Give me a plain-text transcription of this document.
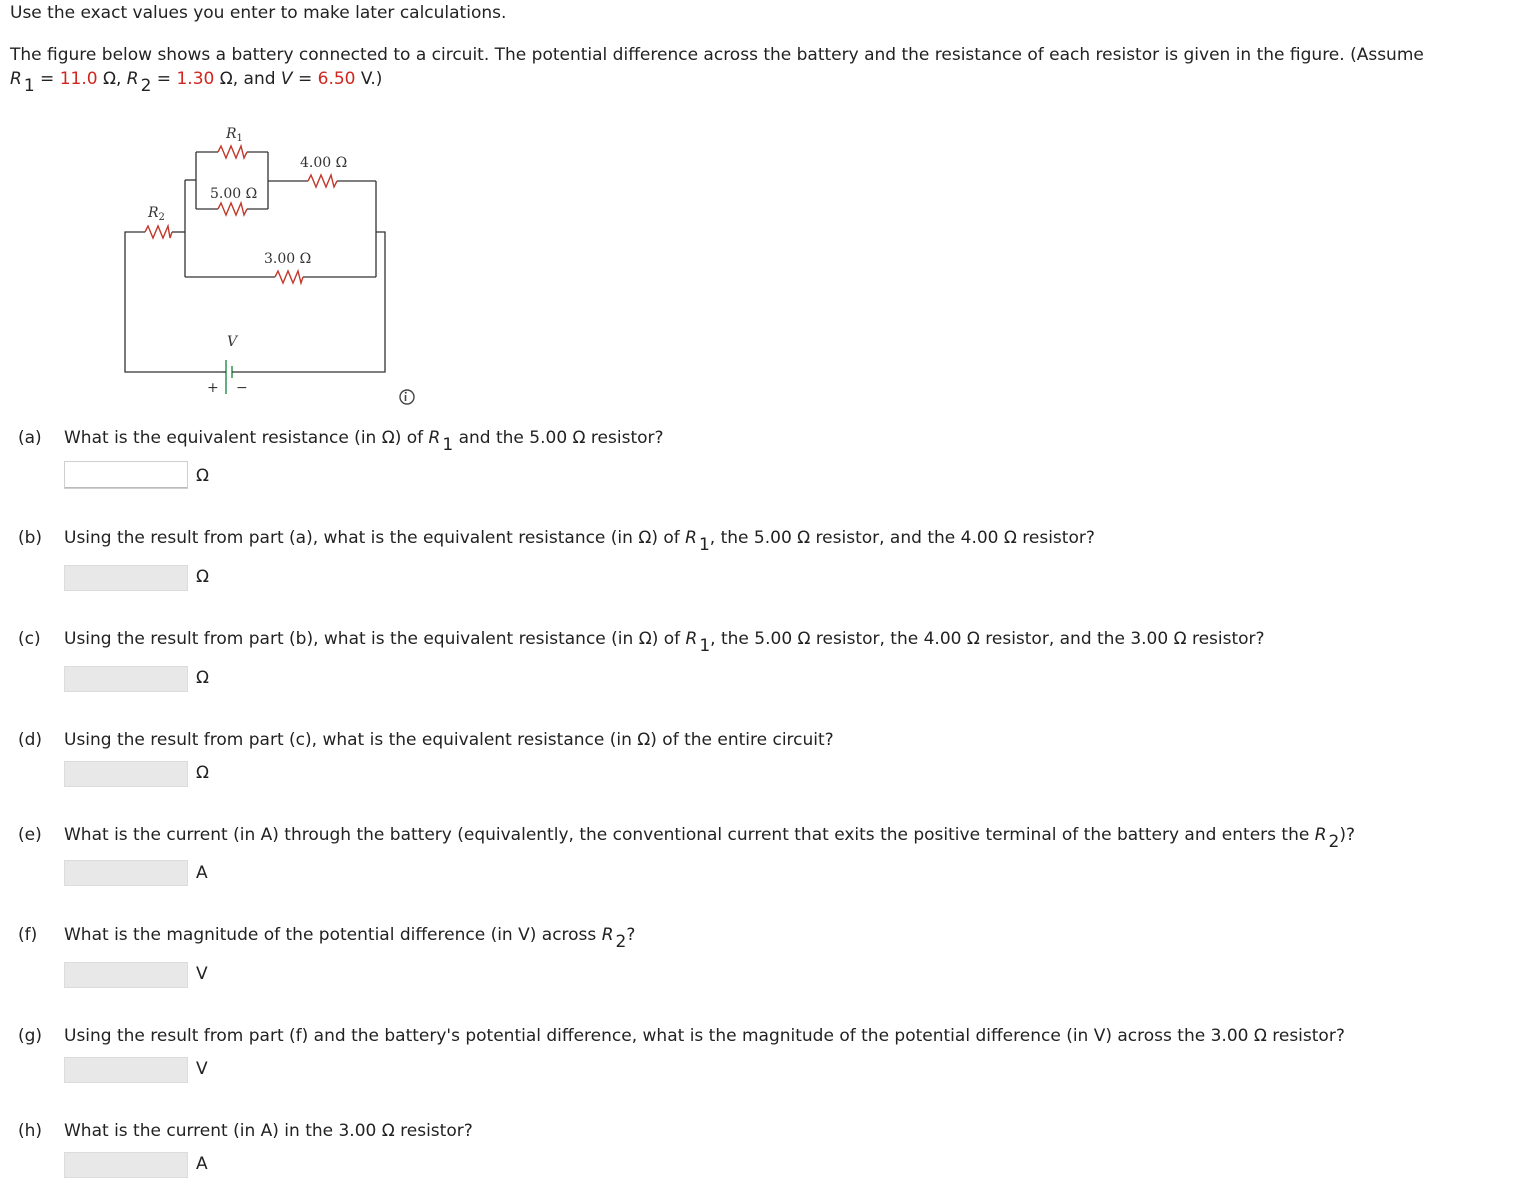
Use the exact values you enter to make later calculations.
The figure below shows a battery connected to a circuit. The potential difference across the battery and the resistance of each resistor is given in the figure. (Assume
R $_1$ = 11.0 Ω, R $_2$ = 1.30 Ω, and V = 6.50 V.)
$R_1$
5.00 Ω
4.00 Ω
$R_2$
3.00 Ω
V
+ −
(a) What is the equivalent resistance (in Ω) of R $_1$ and the 5.00 Ω resistor?
Ω
(b) Using the result from part (a), what is the equivalent resistance (in Ω) of R $_1$, the 5.00 Ω resistor, and the 4.00 Ω resistor?
Ω
(c) Using the result from part (b), what is the equivalent resistance (in Ω) of R $_1$, the 5.00 Ω resistor, the 4.00 Ω resistor, and the 3.00 Ω resistor?
Ω
(d) Using the result from part (c), what is the equivalent resistance (in Ω) of the entire circuit?
Ω
(e) What is the current (in A) through the battery (equivalently, the conventional current that exits the positive terminal of the battery and enters the R $_2$)?
A
(f) What is the magnitude of the potential difference (in V) across R $_2$?
V
(g) Using the result from part (f) and the battery's potential difference, what is the magnitude of the potential difference (in V) across the 3.00 Ω resistor?
V
(h) What is the current (in A) in the 3.00 Ω resistor?
A
